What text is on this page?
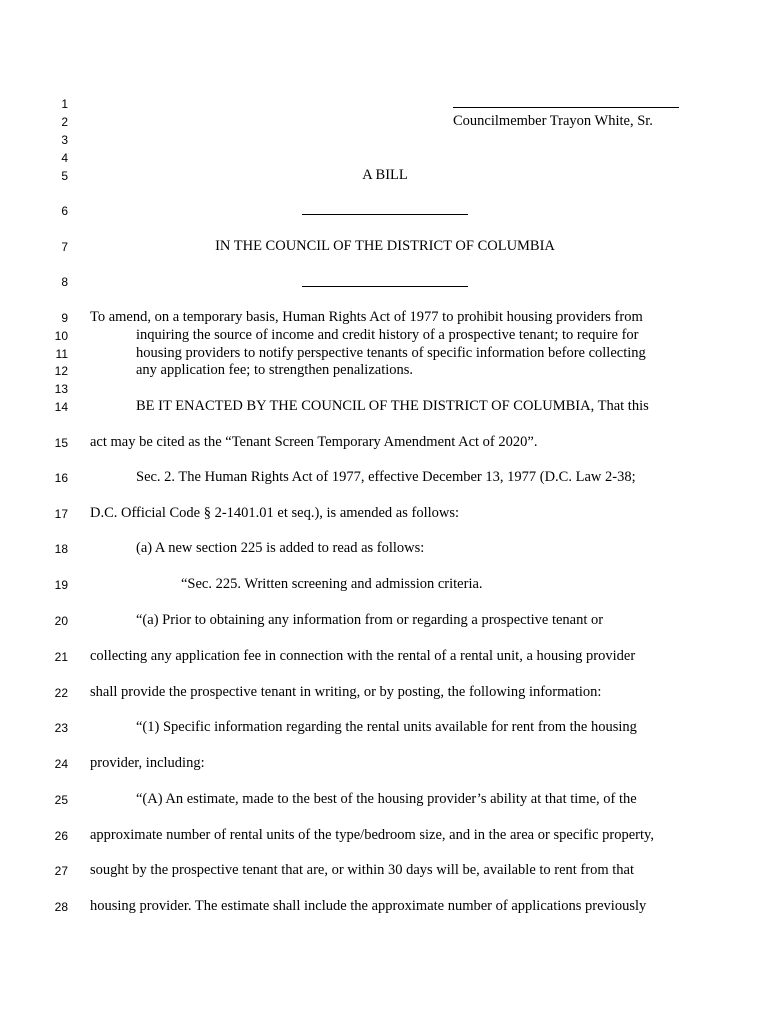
1
2
3
4
5
6
7
8
9
10
11
12
13
14
15
16
17
18
19
20
21
22
23
24
25
26
27
28
Councilmember Trayon White, Sr.
A BILL
IN THE COUNCIL OF THE DISTRICT OF COLUMBIA
To amend, on a temporary basis, Human Rights Act of 1977 to prohibit housing providers from
inquiring the source of income and credit history of a prospective tenant; to require for
housing providers to notify perspective tenants of specific information before collecting
any application fee; to strengthen penalizations.
BE IT ENACTED BY THE COUNCIL OF THE DISTRICT OF COLUMBIA, That this
act may be cited as the “Tenant Screen Temporary Amendment Act of 2020”.
Sec. 2. The Human Rights Act of 1977, effective December 13, 1977 (D.C. Law 2-38;
D.C. Official Code § 2-1401.01 et seq.), is amended as follows:
(a) A new section 225 is added to read as follows:
“Sec. 225. Written screening and admission criteria.
“(a) Prior to obtaining any information from or regarding a prospective tenant or
collecting any application fee in connection with the rental of a rental unit, a housing provider
shall provide the prospective tenant in writing, or by posting, the following information:
“(1) Specific information regarding the rental units available for rent from the housing
provider, including:
“(A) An estimate, made to the best of the housing provider’s ability at that time, of the
approximate number of rental units of the type/bedroom size, and in the area or specific property,
sought by the prospective tenant that are, or within 30 days will be, available to rent from that
housing provider. The estimate shall include the approximate number of applications previously
